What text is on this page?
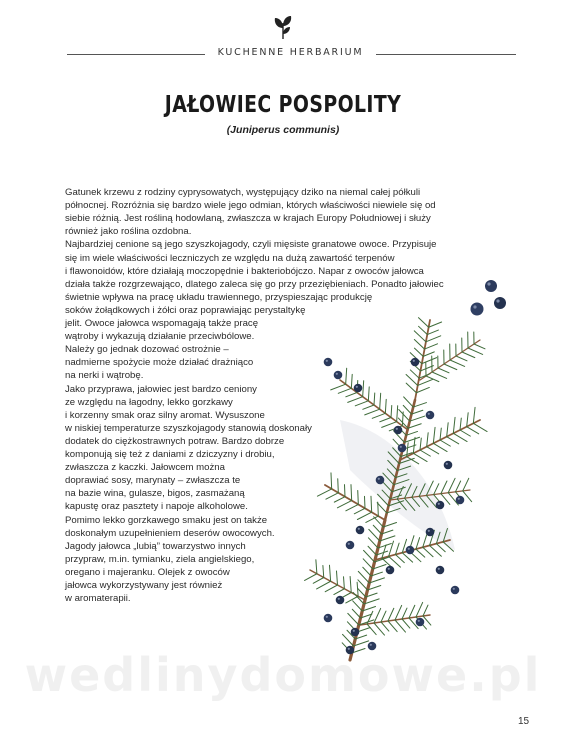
KUCHENNE HERBARIUM
JAŁOWIEC POSPOLITY
(Juniperus communis)
Gatunek krzewu z rodziny cyprysowatych, występujący dziko na niemal całej półkuli
północnej. Rozróżnia się bardzo wiele jego odmian, których właściwości niewiele się od
siebie różnią. Jest rośliną hodowlaną, zwłaszcza w krajach Europy Południowej i służy
również jako roślina ozdobna.
Najbardziej cenione są jego szyszkojagody, czyli mięsiste granatowe owoce. Przypisuje
się im wiele właściwości leczniczych ze względu na dużą zawartość terpenów
i flawonoidów, które działają moczopędnie i bakteriobójczo. Napar z owoców jałowca
działa także rozgrzewająco, dlatego zaleca się go przy przeziębieniach. Ponadto jałowiec
świetnie wpływa na pracę układu trawiennego, przyspieszając produkcję
soków żołądkowych i żółci oraz poprawiając perystaltykę
jelit. Owoce jałowca wspomagają także pracę
wątroby i wykazują działanie przeciwbólowe.
Należy go jednak dozować ostrożnie –
nadmierne spożycie może działać drażniąco
na nerki i wątrobę.
Jako przyprawa, jałowiec jest bardzo ceniony
ze względu na łagodny, lekko gorzkawy
i korzenny smak oraz silny aromat. Wysuszone
w niskiej temperaturze szyszkojagody stanowią doskonały
dodatek do ciężkostrawnych potraw. Bardzo dobrze
komponują się też z daniami z dziczyzny i drobiu,
zwłaszcza z kaczki. Jałowcem można
doprawiać sosy, marynaty – zwłaszcza te
na bazie wina, gulasze, bigos, zasmażaną
kapustę oraz pasztety i napoje alkoholowe.
Pomimo lekko gorzkawego smaku jest on także
doskonałym uzupełnieniem deserów owocowych.
Jagody jałowca „lubią” towarzystwo innych
przypraw, m.in. tymianku, ziela angielskiego,
oregano i majeranku. Olejek z owoców
jałowca wykorzystywany jest również
w aromaterapii.
wedlinydomowe.pl
15
